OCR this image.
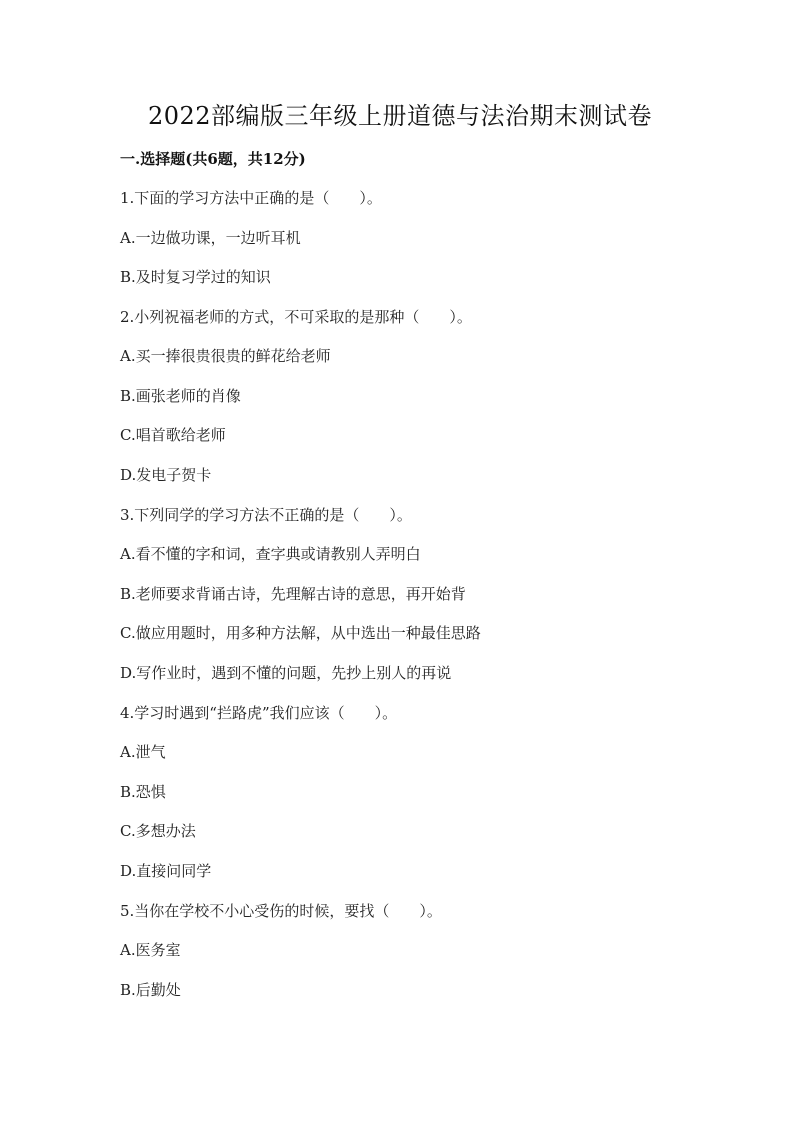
2022部编版三年级上册道德与法治期末测试卷
一.选择题(共6题，共12分)
1.下面的学习方法中正确的是（　　）。
A.一边做功课，一边听耳机
B.及时复习学过的知识
2.小列祝福老师的方式，不可采取的是那种（　　）。
A.买一捧很贵很贵的鲜花给老师
B.画张老师的肖像
C.唱首歌给老师
D.发电子贺卡
3.下列同学的学习方法不正确的是（　　）。
A.看不懂的字和词，查字典或请教别人弄明白
B.老师要求背诵古诗，先理解古诗的意思，再开始背
C.做应用题时，用多种方法解，从中选出一种最佳思路
D.写作业时，遇到不懂的问题，先抄上别人的再说
4.学习时遇到“拦路虎”我们应该（　　）。
A.泄气
B.恐惧
C.多想办法
D.直接问同学
5.当你在学校不小心受伤的时候，要找（　　）。
A.医务室
B.后勤处
